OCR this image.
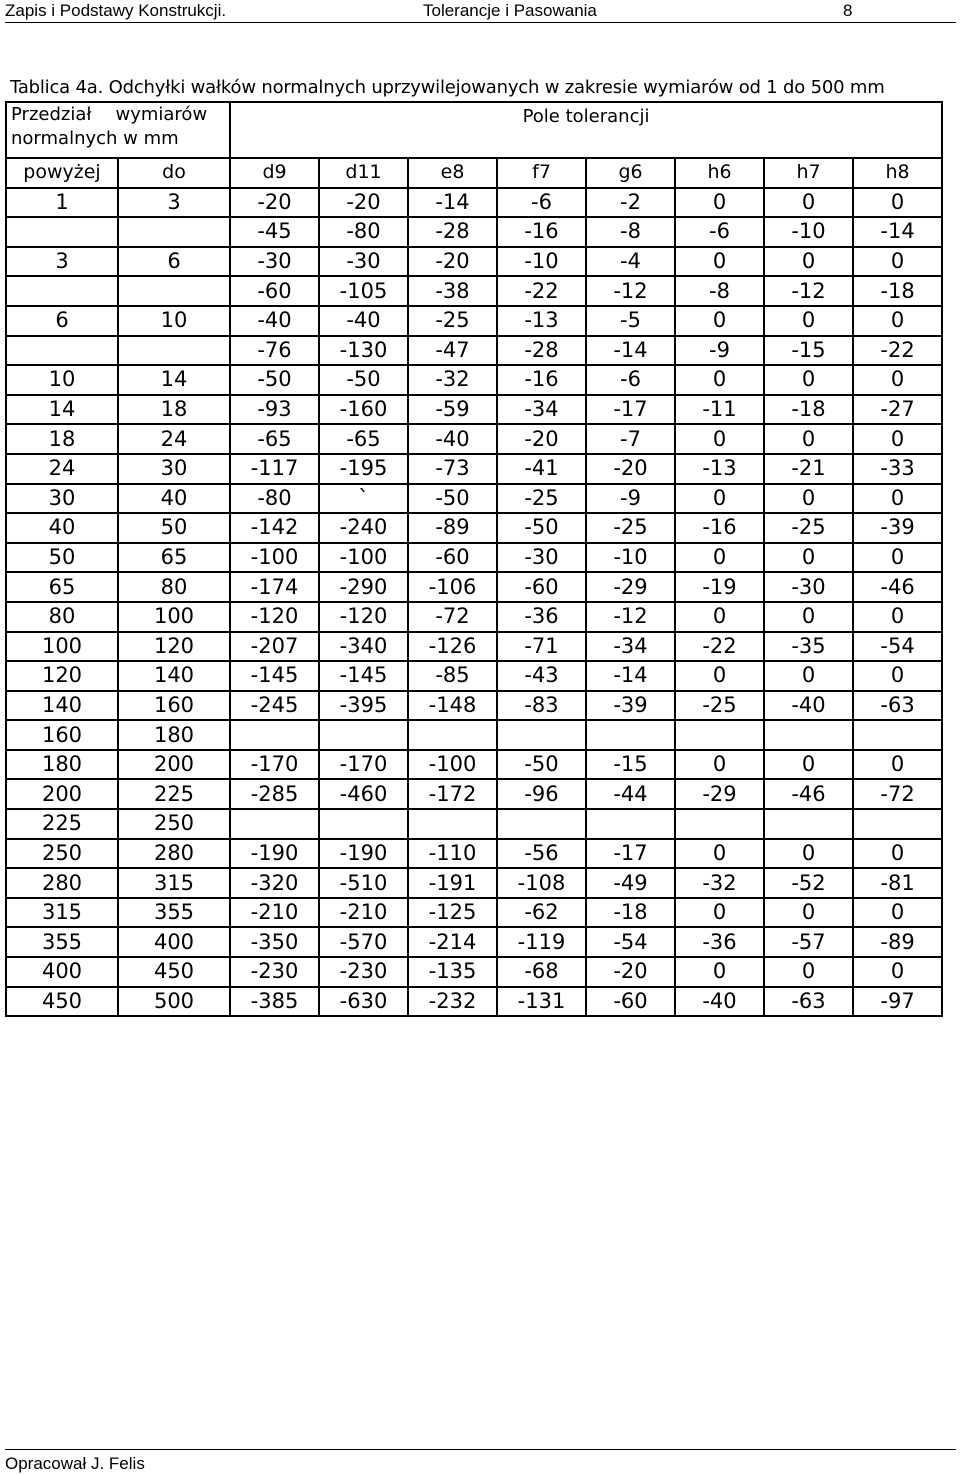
Zapis i Podstawy Konstrukcji.	Tolerancje i Pasowania	8
Tablica 4a. Odchyłki wałków normalnych uprzywilejowanych w zakresie wymiarów od 1 do 500 mm
Przedział wymiarów
normalnych w mm		Pole tolerancji							
powyżej	do	d9	d11	e8	f7	g6	h6	h7	h8
1	3	-20	-20	-14	-6	-2	0	0	0
		-45	-80	-28	-16	-8	-6	-10	-14
3	6	-30	-30	-20	-10	-4	0	0	0
		-60	-105	-38	-22	-12	-8	-12	-18
6	10	-40	-40	-25	-13	-5	0	0	0
		-76	-130	-47	-28	-14	-9	-15	-22
10	14	-50	-50	-32	-16	-6	0	0	0
14	18	-93	-160	-59	-34	-17	-11	-18	-27
18	24	-65	-65	-40	-20	-7	0	0	0
24	30	-117	-195	-73	-41	-20	-13	-21	-33
30	40	-80	`	-50	-25	-9	0	0	0
40	50	-142	-240	-89	-50	-25	-16	-25	-39
50	65	-100	-100	-60	-30	-10	0	0	0
65	80	-174	-290	-106	-60	-29	-19	-30	-46
80	100	-120	-120	-72	-36	-12	0	0	0
100	120	-207	-340	-126	-71	-34	-22	-35	-54
120	140	-145	-145	-85	-43	-14	0	0	0
140	160	-245	-395	-148	-83	-39	-25	-40	-63
160	180								
180	200	-170	-170	-100	-50	-15	0	0	0
200	225	-285	-460	-172	-96	-44	-29	-46	-72
225	250								
250	280	-190	-190	-110	-56	-17	0	0	0
280	315	-320	-510	-191	-108	-49	-32	-52	-81
315	355	-210	-210	-125	-62	-18	0	0	0
355	400	-350	-570	-214	-119	-54	-36	-57	-89
400	450	-230	-230	-135	-68	-20	0	0	0
450	500	-385	-630	-232	-131	-60	-40	-63	-97
Opracował J. Felis
